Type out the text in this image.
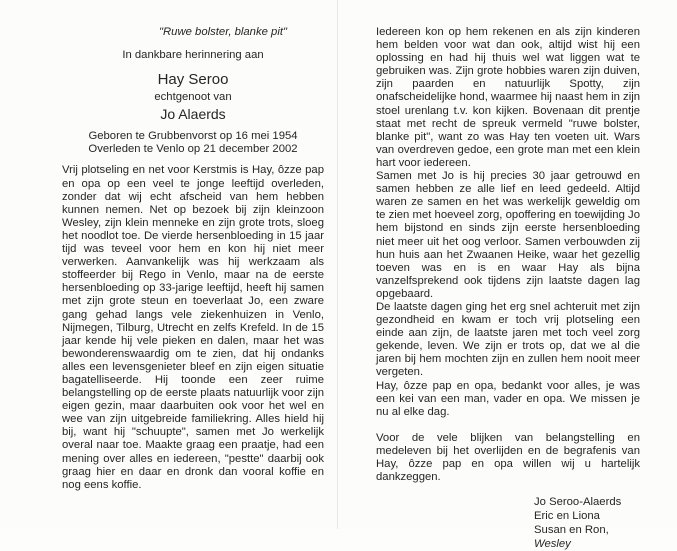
"Ruwe bolster, blanke pit"
In dankbare herinnering aan
Hay Seroo
echtgenoot van
Jo Alaerds
Geboren te Grubbenvorst op 16 mei 1954
Overleden te Venlo op 21 december 2002

Vrij plotseling en net voor Kerstmis is Hay, ôzze pap en opa op een veel te jonge leeftijd overleden, zonder dat wij echt afscheid van hem hebben kunnen nemen. Net op bezoek bij zijn kleinzoon Wesley, zijn klein menneke en zijn grote trots, sloeg het noodlot toe. De vierde hersenbloeding in 15 jaar tijd was teveel voor hem en kon hij niet meer verwerken. Aanvankelijk was hij werkzaam als stoffeerder bij Rego in Venlo, maar na de eerste hersenbloeding op 33-jarige leeftijd, heeft hij samen met zijn grote steun en toeverlaat Jo, een zware gang gehad langs vele ziekenhuizen in Venlo, Nijmegen, Tilburg, Utrecht en zelfs Krefeld. In de 15 jaar kende hij vele pieken en dalen, maar het was bewonderenswaardig om te zien, dat hij ondanks alles een levensgenieter bleef en zijn eigen situatie bagatelliseerde. Hij toonde een zeer ruime belangstelling op de eerste plaats natuurlijk voor zijn eigen gezin, maar daarbuiten ook voor het wel en wee van zijn uitgebreide familiekring. Alles hield hij bij, want hij "schuupte", samen met Jo werkelijk overal naar toe. Maakte graag een praatje, had een mening over alles en iedereen, "pestte" daarbij ook graag hier en daar en dronk dan vooral koffie en nog eens koffie.

Iedereen kon op hem rekenen en als zijn kinderen hem belden voor wat dan ook, altijd wist hij een oplossing en had hij thuis wel wat liggen wat te gebruiken was. Zijn grote hobbies waren zijn duiven, zijn paarden en natuurlijk Spotty, zijn onafscheidelijke hond, waarmee hij naast hem in zijn stoel urenlang t.v. kon kijken. Bovenaan dit prentje staat met recht de spreuk vermeld "ruwe bolster, blanke pit", want zo was Hay ten voeten uit. Wars van overdreven gedoe, een grote man met een klein hart voor iedereen.

Samen met Jo is hij precies 30 jaar getrouwd en samen hebben ze alle lief en leed gedeeld. Altijd waren ze samen en het was werkelijk geweldig om te zien met hoeveel zorg, opoffering en toewijding Jo hem bijstond en sinds zijn eerste hersenbloeding niet meer uit het oog verloor. Samen verbouwden zij hun huis aan het Zwaanen Heike, waar het gezellig toeven was en is en waar Hay als bijna vanzelfsprekend ook tijdens zijn laatste dagen lag opgebaard.

De laatste dagen ging het erg snel achteruit met zijn gezondheid en kwam er toch vrij plotseling een einde aan zijn, de laatste jaren met toch veel zorg gekende, leven. We zijn er trots op, dat we al die jaren bij hem mochten zijn en zullen hem nooit meer vergeten.

Hay, ôzze pap en opa, bedankt voor alles, je was een kei van een man, vader en opa. We missen je nu al elke dag.

Voor de vele blijken van belangstelling en medeleven bij het overlijden en de begrafenis van Hay, ôzze pap en opa willen wij u hartelijk dankzeggen.

Jo Seroo-Alaerds
Eric en Liona
Susan en Ron, Wesley
